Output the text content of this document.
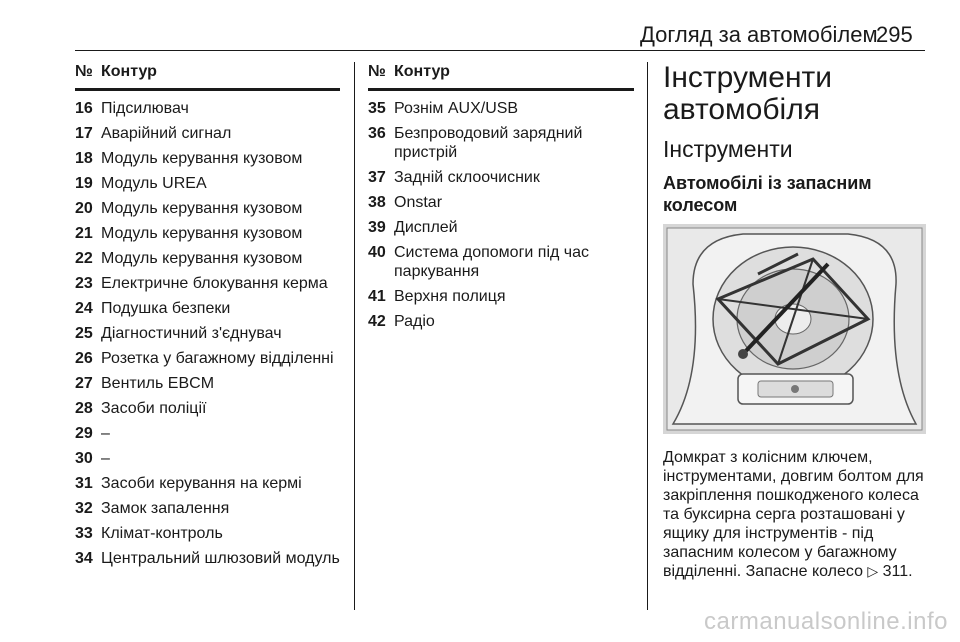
Догляд за автомобілем
295
№ Контур
16 Підсилювач
17 Аварійний сигнал
18 Модуль керування кузовом
19 Модуль UREA
20 Модуль керування кузовом
21 Модуль керування кузовом
22 Модуль керування кузовом
23 Електричне блокування керма
24 Подушка безпеки
25 Діагностичний з'єднувач
26 Розетка у багажному відділенні
27 Вентиль EBCM
28 Засоби поліції
29 –
30 –
31 Засоби керування на кермі
32 Замок запалення
33 Клімат-контроль
34 Центральний шлюзовий модуль
№ Контур
35 Рознім AUX/USB
36 Безпроводовий зарядний пристрій
37 Задній склоочисник
38 Onstar
39 Дисплей
40 Система допомоги під час паркування
41 Верхня полиця
42 Радіо
Інструменти
автомобіля
Інструменти
Автомобілі із запасним колесом
Домкрат з колісним ключем, інструментами, довгим болтом для закріплення пошкодженого колеса та буксирна серга розташовані у ящику для інструментів - під запасним колесом у багажному відділенні. Запасне колесо ▷ 311.
carmanualsonline.info
